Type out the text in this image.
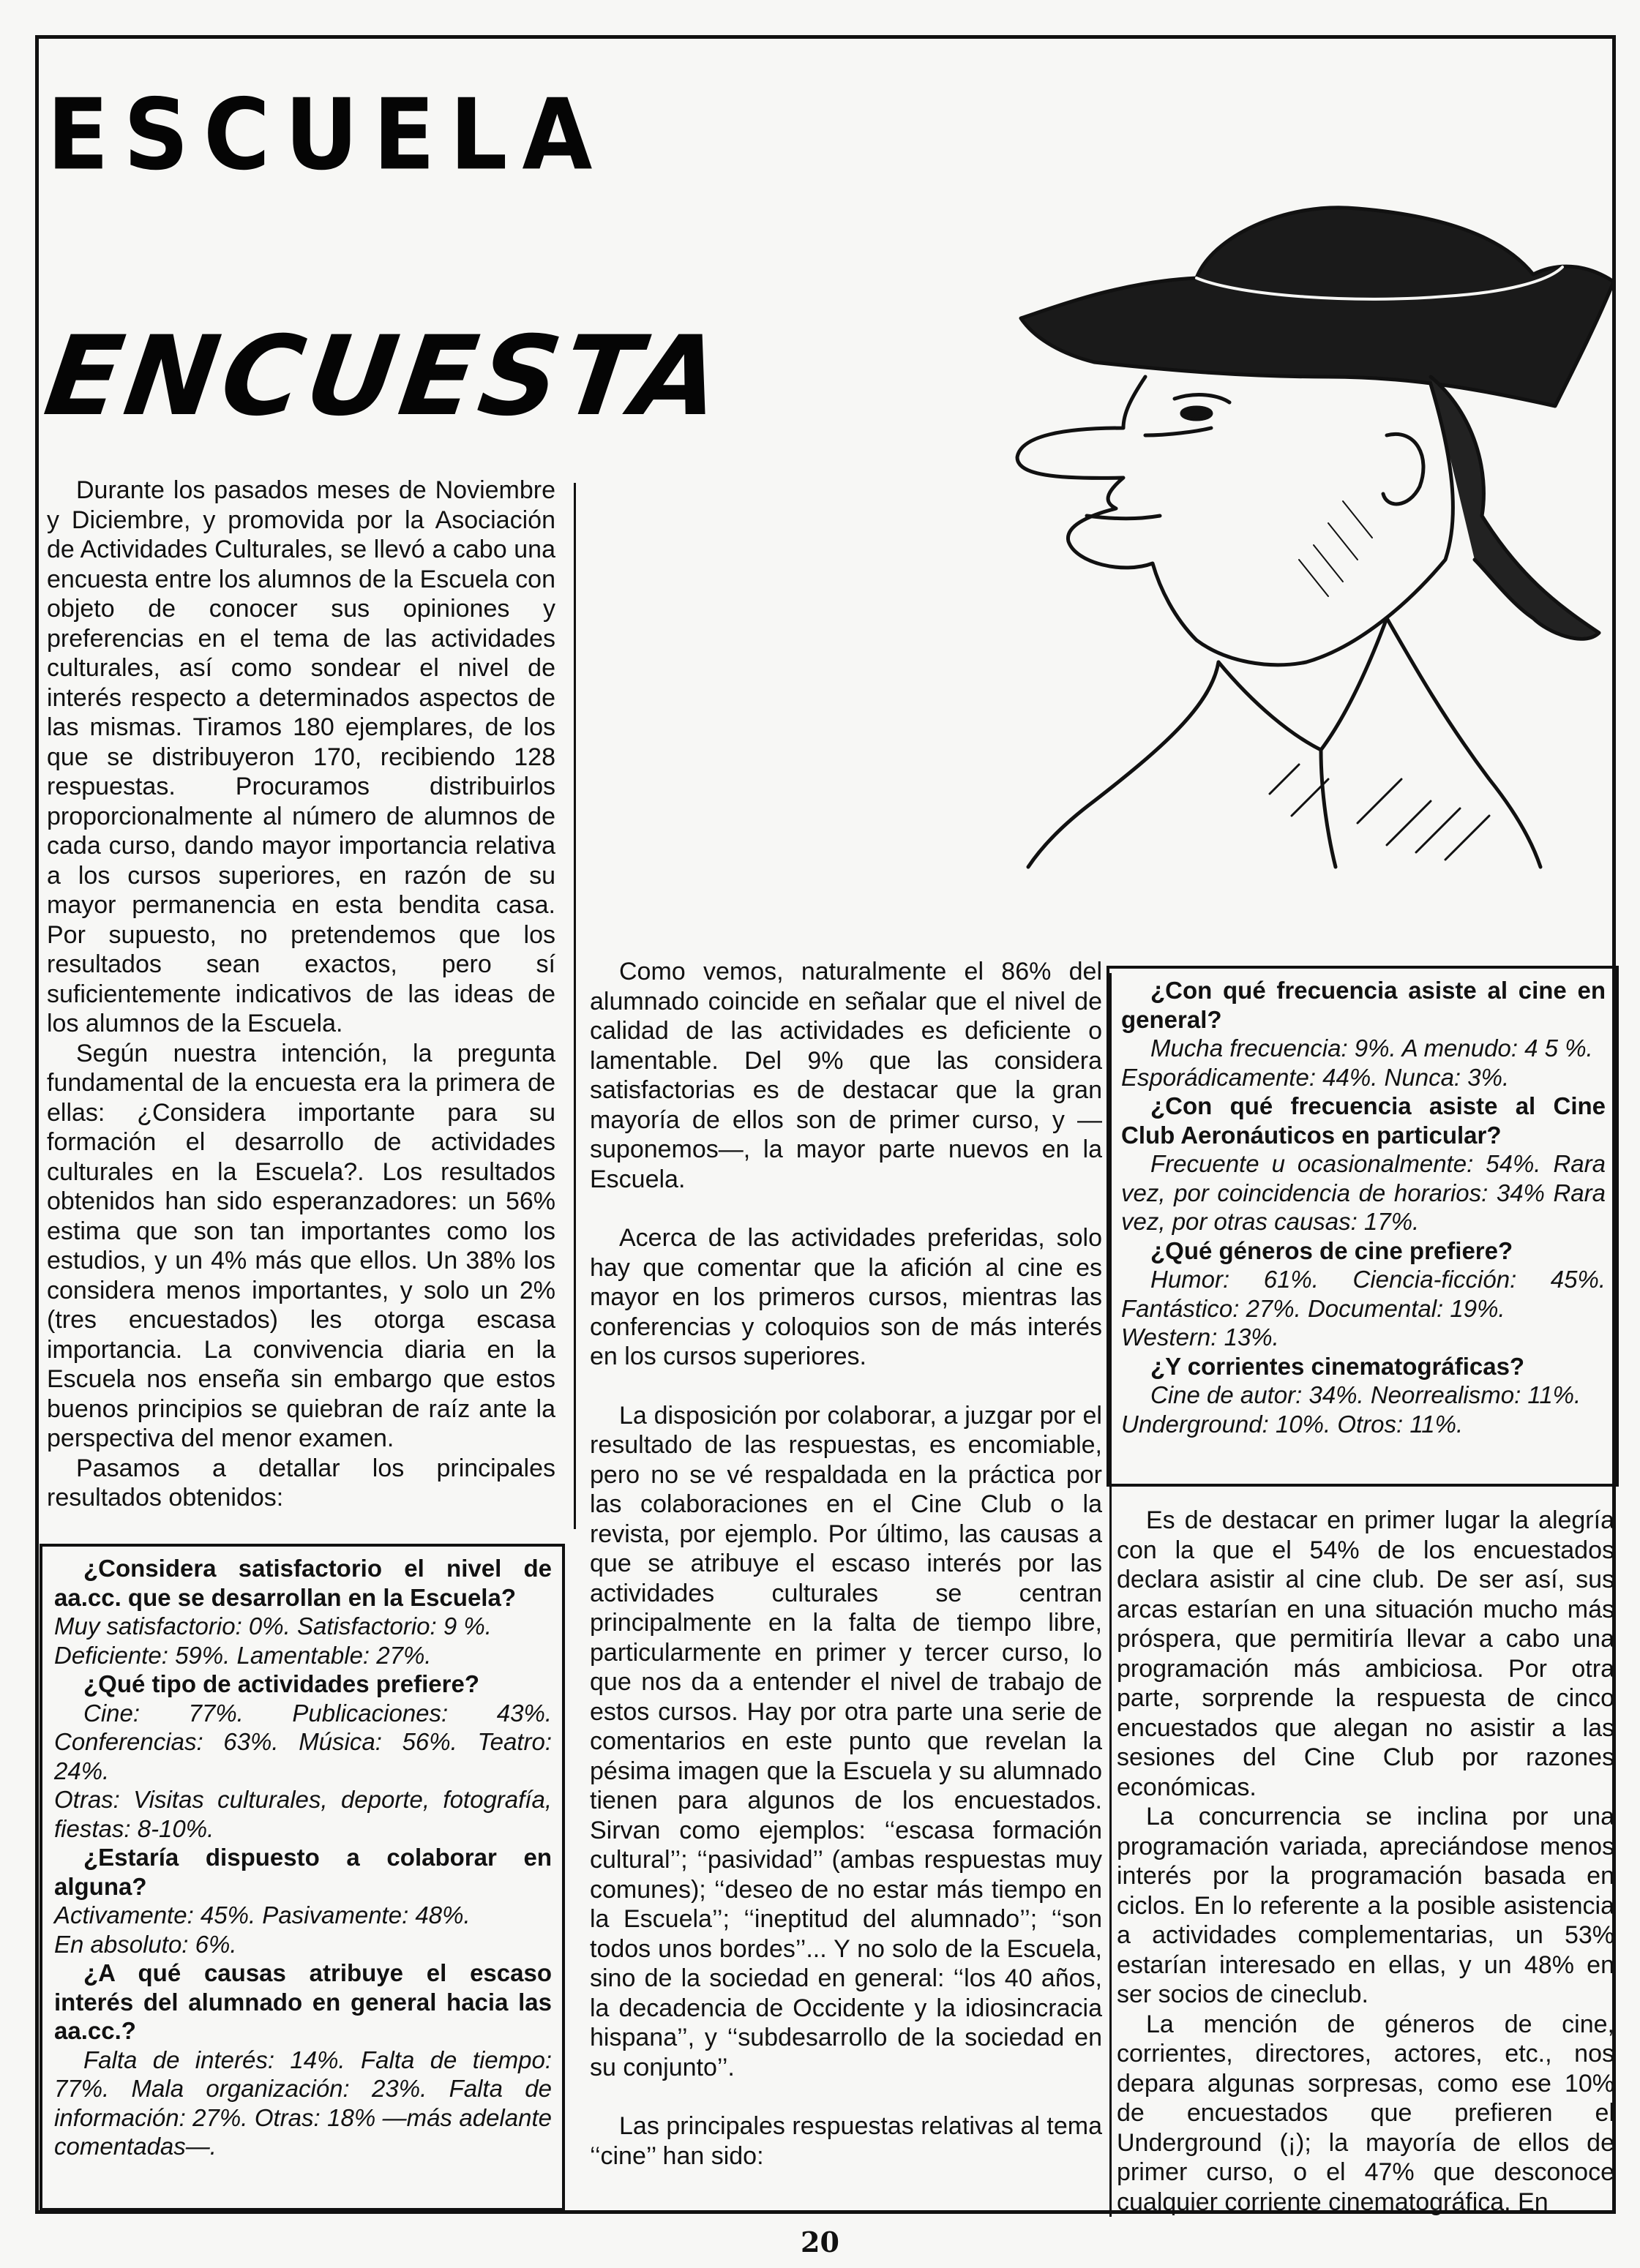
ESCUELA
ENCUESTA

Durante los pasados meses de Noviembre y Diciembre, y promovida por la Asociación de Actividades Culturales, se llevó a cabo una encuesta entre los alumnos de la Escuela con objeto de conocer sus opiniones y preferencias en el tema de las actividades culturales, así como sondear el nivel de interés respecto a determinados aspectos de las mismas. Tiramos 180 ejemplares, de los que se distribuyeron 170, recibiendo 128 respuestas. Procuramos distribuirlos proporcionalmente al número de alumnos de cada curso, dando mayor importancia relativa a los cursos superiores, en razón de su mayor permanencia en esta bendita casa. Por supuesto, no pretendemos que los resultados sean exactos, pero sí suficientemente indicativos de las ideas de los alumnos de la Escuela.

Según nuestra intención, la pregunta fundamental de la encuesta era la primera de ellas: ¿Considera importante para su formación el desarrollo de actividades culturales en la Escuela?. Los resultados obtenidos han sido esperanzadores: un 56% estima que son tan importantes como los estudios, y un 4% más que ellos. Un 38% los considera menos importantes, y solo un 2% (tres encuestados) les otorga escasa importancia. La convivencia diaria en la Escuela nos enseña sin embargo que estos buenos principios se quiebran de raíz ante la perspectiva del menor examen.

Pasamos a detallar los principales resultados obtenidos:

¿Considera satisfactorio el nivel de aa.cc. que se desarrollan en la Escuela?

Muy satisfactorio: 0%. Satisfactorio: 9 %.

Deficiente: 59%. Lamentable: 27%.

¿Qué tipo de actividades prefiere?

Cine: 77%. Publicaciones: 43%. Conferencias: 63%. Música: 56%. Teatro: 24%.

Otras: Visitas culturales, deporte, fotografía, fiestas: 8-10%.

¿Estaría dispuesto a colaborar en alguna?

Activamente: 45%. Pasivamente: 48%.

En absoluto: 6%.

¿A qué causas atribuye el escaso interés del alumnado en general hacia las aa.cc.?

Falta de interés: 14%. Falta de tiempo: 77%. Mala organización: 23%. Falta de información: 27%. Otras: 18% —más adelante comentadas—.

Como vemos, naturalmente el 86% del alumnado coincide en señalar que el nivel de calidad de las actividades es deficiente o lamentable. Del 9% que las considera satisfactorias es de destacar que la gran mayoría de ellos son de primer curso, y —suponemos—, la mayor parte nuevos en la Escuela.

Acerca de las actividades preferidas, solo hay que comentar que la afición al cine es mayor en los primeros cursos, mientras las conferencias y coloquios son de más interés en los cursos superiores.

La disposición por colaborar, a juzgar por el resultado de las respuestas, es encomiable, pero no se vé respaldada en la práctica por las colaboraciones en el Cine Club o la revista, por ejemplo. Por último, las causas a que se atribuye el escaso interés por las actividades culturales se centran principalmente en la falta de tiempo libre, particularmente en primer y tercer curso, lo que nos da a entender el nivel de trabajo de estos cursos. Hay por otra parte una serie de comentarios en este punto que revelan la pésima imagen que la Escuela y su alumnado tienen para algunos de los encuestados. Sirvan como ejemplos: ‘‘escasa formación cultural’’; ‘‘pasividad’’ (ambas respuestas muy comunes); ‘‘deseo de no estar más tiempo en la Escuela’’; ‘‘ineptitud del alumnado’’; ‘‘son todos unos bordes’’... Y no solo de la Escuela, sino de la sociedad en general: ‘‘los 40 años, la decadencia de Occidente y la idiosincracia hispana’’, y ‘‘subdesarrollo de la sociedad en su conjunto’’.

Las principales respuestas relativas al tema ‘‘cine’’ han sido:

¿Con qué frecuencia asiste al cine en general?

Mucha frecuencia: 9%. A menudo: 4 5 %.

Esporádicamente: 44%. Nunca: 3%.

¿Con qué frecuencia asiste al Cine Club Aeronáuticos en particular?

Frecuente u ocasionalmente: 54%. Rara vez, por coincidencia de horarios: 34% Rara vez, por otras causas: 17%.

¿Qué géneros de cine prefiere?

Humor: 61%. Ciencia-ficción: 45%. Fantástico: 27%. Documental: 19%.

Western: 13%.

¿Y corrientes cinematográficas?

Cine de autor: 34%. Neorrealismo: 11%.

Underground: 10%. Otros: 11%.

Es de destacar en primer lugar la alegría con la que el 54% de los encuestados declara asistir al cine club. De ser así, sus arcas estarían en una situación mucho más próspera, que permitiría llevar a cabo una programación más ambiciosa. Por otra parte, sorprende la respuesta de cinco encuestados que alegan no asistir a las sesiones del Cine Club por razones económicas.

La concurrencia se inclina por una programación variada, apreciándose menos interés por la programación basada en ciclos. En lo referente a la posible asistencia a actividades complementarias, un 53% estarían interesado en ellas, y un 48% en ser socios de cineclub.

La mención de géneros de cine, corrientes, directores, actores, etc., nos depara algunas sorpresas, como ese 10% de encuestados que prefieren el Underground (¡); la mayoría de ellos de primer curso, o el 47% que desconoce cualquier corriente cinematográfica. En

20
